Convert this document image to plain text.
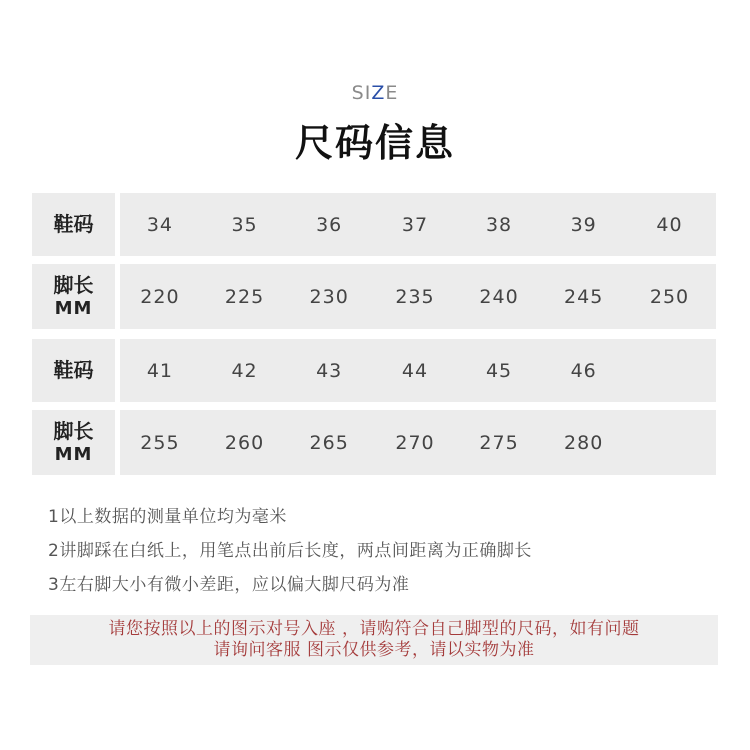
SIZE
尺码信息
鞋码	34	35	36	37	38	39	40
脚长
MM
220 225 230 235 240 245 250
鞋码	41	42	43	44	45	46
脚长
MM
255 260 265 270 275 280
1以上数据的测量单位均为毫米
2讲脚踩在白纸上，用笔点出前后长度，两点间距离为正确脚长
3左右脚大小有微小差距，应以偏大脚尺码为准
请您按照以上的图示对号入座 ，请购符合自己脚型的尺码，如有问题
请询问客服 图示仅供参考，请以实物为准
